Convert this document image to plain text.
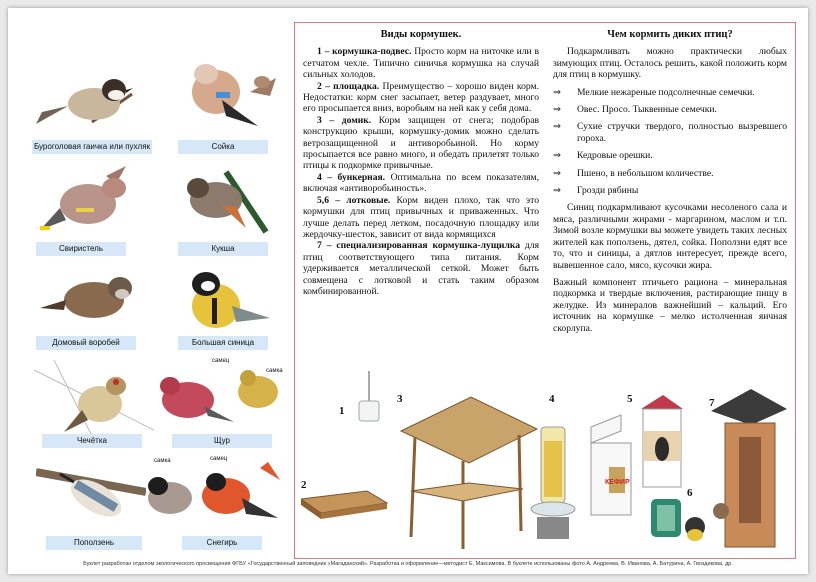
Буроголовая гаичка или пухляк	Сойка
Свиристель	Кукша
Домовый воробей	Большая синица
Чечётка	Щур
самец
самка
Поползень
самка	самец
Снегирь
Виды кормушек.

1 – кормушка-подвес. Просто корм на ниточке или в сетчатом чехле. Типично синичья кормушка на случай сильных холодов.

2 – площадка. Преимущество – хорошо виден корм. Недостатки: корм снег засыпает, ветер раздувает, много его просыпается вниз, воробьям на ней как у себя дома.

3 – домик. Корм защищен от снега; подобрав конструкцию крыши, кормушку-домик можно сделать ветрозащищенной и антиворобьиной. Но корму просыпается все равно много, и обедать прилетят только птицы к подкормке привычные.

4 – бункерная. Оптимальна по всем показателям, включая «антиворобьиность».

5,6 – лотковые. Корм виден плохо, так что это кормушки для птиц привычных и приваженных. Что лучше делать перед летком, посадочную площадку или жердочку-шесток, зависит от вида кормящихся

7 – специализированная кормушка-лущилка для птиц соответствующего типа питания. Корм удерживается металлической сеткой. Может быть совмещена с лотковой и стать таким образом комбинированной.

Чем кормить диких птиц?

Подкармливать можно практически любых зимующих птиц. Осталось решить, какой положить корм для птиц в кормушку.

⇒	Мелкие нежареные подсолнечные семечки.
⇒	Овес. Просо. Тыквенные семечки.
⇒	Сухие стручки твердого, полностью вызревшего гороха.
⇒	Кедровые орешки.
⇒	Пшено, в небольшом количестве.
⇒	Грозди рябины

Синиц подкармливают кусочками несоленого сала и мяса, различными жирами - маргарином, маслом и т.п. Зимой возле кормушки вы можете увидеть таких лесных жителей как поползень, дятел, сойка. Поползни едят все то, что и синицы, а дятлов интересует, прежде всего, вывешенное сало, мясо, кусочки жира.

Важный компонент птичьего рациона – минеральная подкормка и твердые включения, растирающие пищу в желудке. Из минералов важнейший – кальций. Его источник на кормушке – мелко истолченная яичная скорлупа.

КЕФИР
1
2
3	4	5
6
7
Буклет разработан отделом экологического просвещения ФГБУ «Государственный заповедник «Магаданский». Разработка и оформление—методист Е. Максимова. В буклете использованы фото А. Андреева, В. Иванова, А. Батурина, А. Гвоздикова, др.
